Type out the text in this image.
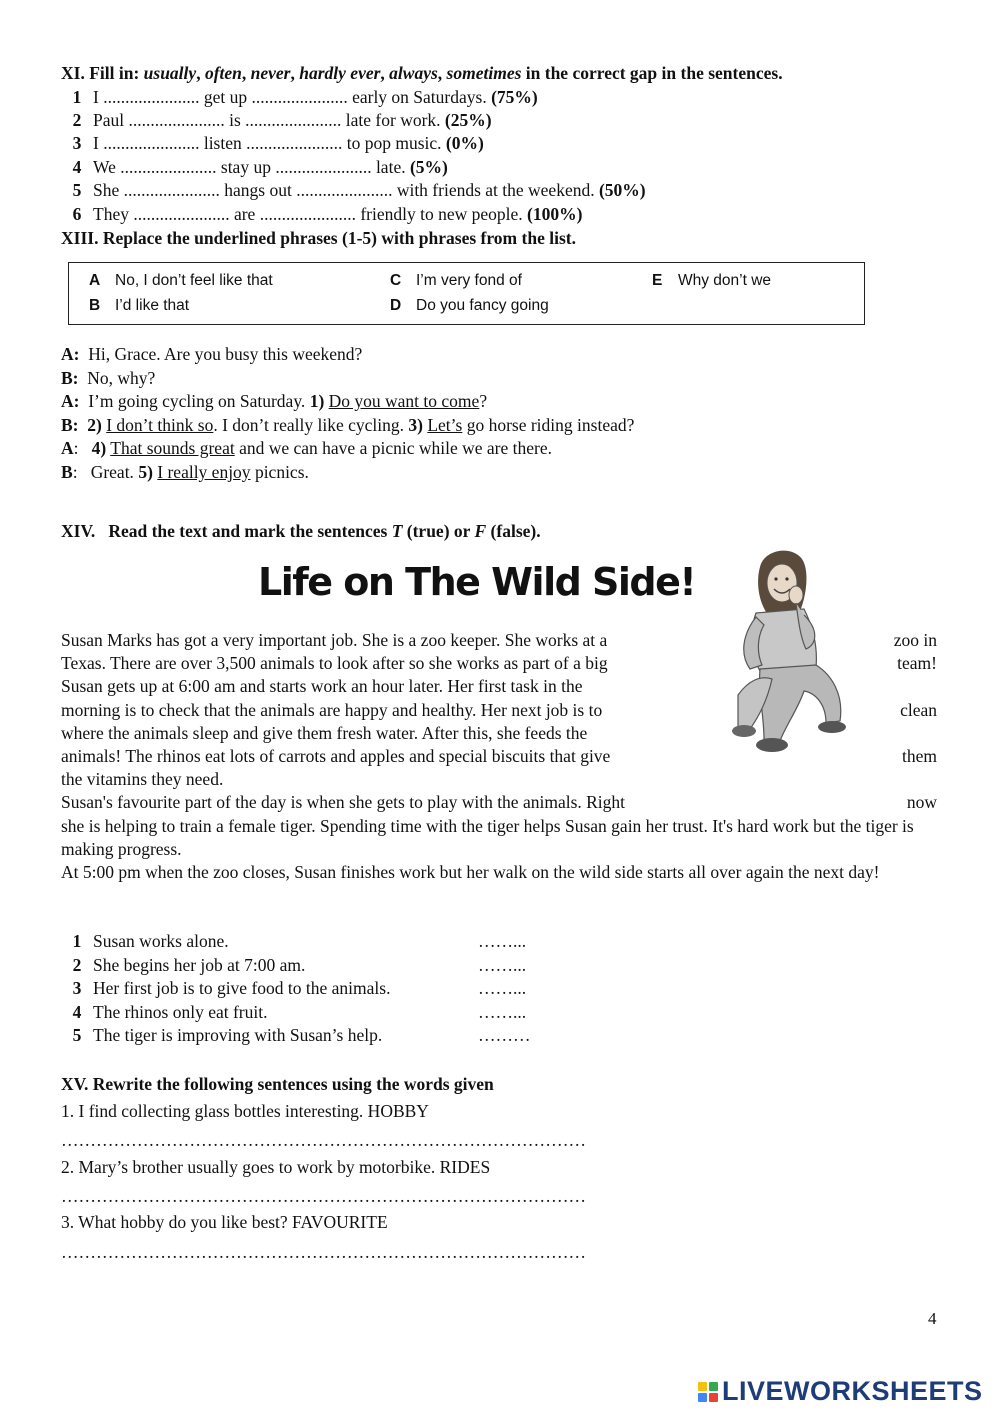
XI. Fill in: usually, often, never, hardly ever, always, sometimes in the correct gap in the sentences.
1 I ...................... get up ...................... early on Saturdays. (75%)
2 Paul ...................... is ...................... late for work. (25%)
3 I ...................... listen ...................... to pop music. (0%)
4 We ...................... stay up ...................... late. (5%)
5 She ...................... hangs out ...................... with friends at the weekend. (50%)
6 They ...................... are ...................... friendly to new people. (100%)
XIII. Replace the underlined phrases (1-5) with phrases from the list.
A No, I don’t feel like that
B I’d like that
C I’m very fond of
D Do you fancy going
E Why don’t we
A: Hi, Grace. Are you busy this weekend?
B: No, why?
A: I’m going cycling on Saturday. 1) Do you want to come?
B: 2) I don’t think so. I don’t really like cycling. 3) Let’s go horse riding instead?
A: 4) That sounds great and we can have a picnic while we are there.
B: Great. 5) I really enjoy picnics.
XIV.   Read the text and mark the sentences T (true) or F (false).
Life on The Wild Side!
Susan Marks has got a very important job. She is a zoo keeper. She works at a	zoo in
Texas. There are over 3,500 animals to look after so she works as part of a big	team!
Susan gets up at 6:00 am and starts work an hour later. Her first task in the
morning is to check that the animals are happy and healthy. Her next job is to	clean
where the animals sleep and give them fresh water. After this, she feeds the
animals! The rhinos eat lots of carrots and apples and special biscuits that give	them
the vitamins they need.
Susan's favourite part of the day is when she gets to play with the animals. Right	now
she is helping to train a female tiger. Spending time with the tiger helps Susan gain her trust. It's hard work but the tiger is making progress.
At 5:00 pm when the zoo closes, Susan finishes work but her walk on the wild side starts all over again the next day!
1 Susan works alone.	……...
2 She begins her job at 7:00 am.	……...
3 Her first job is to give food to the animals.	……...
4 The rhinos only eat fruit.	……...
5 The tiger is improving with Susan’s help.	………
XV. Rewrite the following sentences using the words given
1. I find collecting glass bottles interesting. HOBBY
………………………………………………………………………………
2. Mary’s brother usually goes to work by motorbike. RIDES
………………………………………………………………………………
3. What hobby do you like best? FAVOURITE
………………………………………………………………………………
4
LIVEWORKSHEETS
